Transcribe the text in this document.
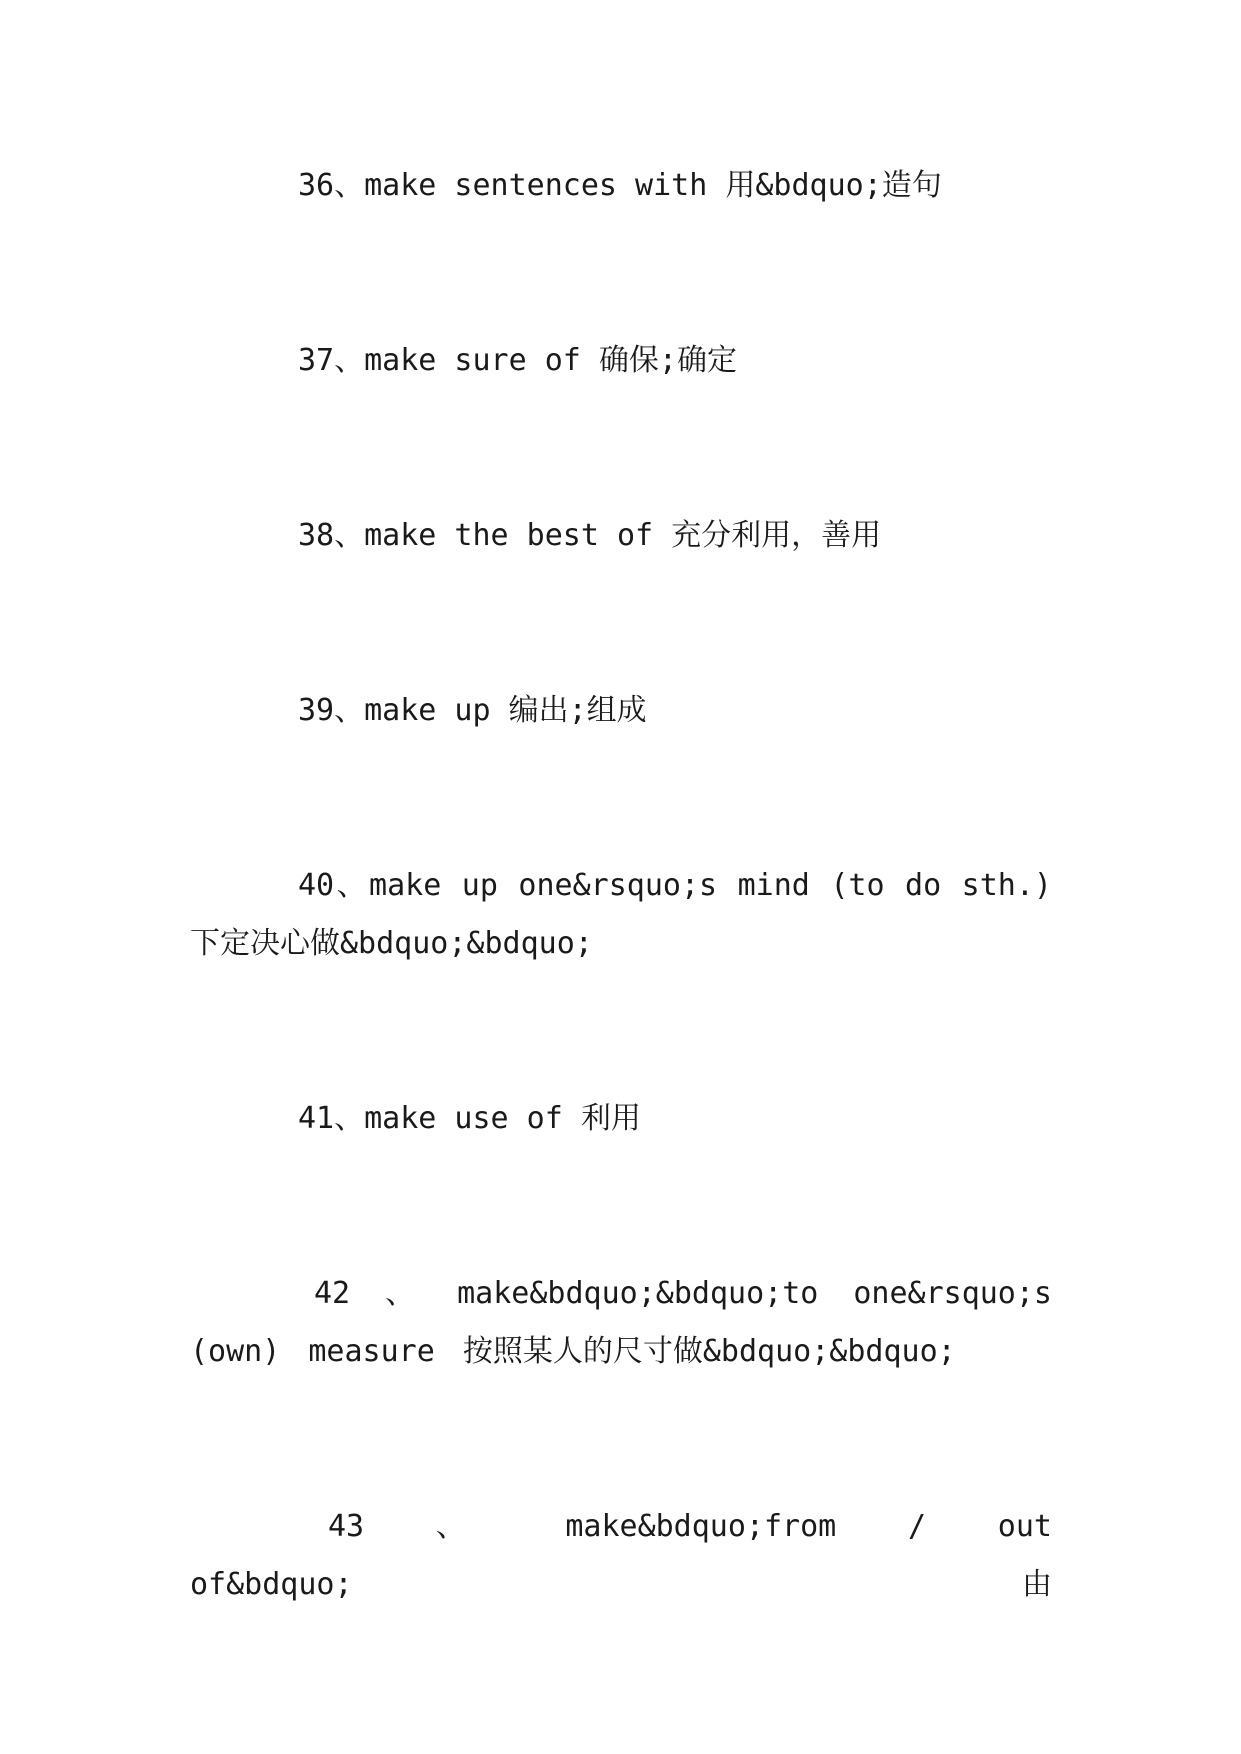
36、make sentences with 用&bdquo;造句

37、make sure of 确保;确定

38、make the best of 充分利用，善用

39、make up 编出;组成

40、make up one&rsquo;s mind (to do sth.) 下定决心做&bdquo;&bdquo;

41、make use of 利用

42 、 make&bdquo;&bdquo;to one&rsquo;s (own) measure 按照某人的尺寸做&bdquo;&bdquo;

43 、 make&bdquo;from / out of&bdquo; 由
